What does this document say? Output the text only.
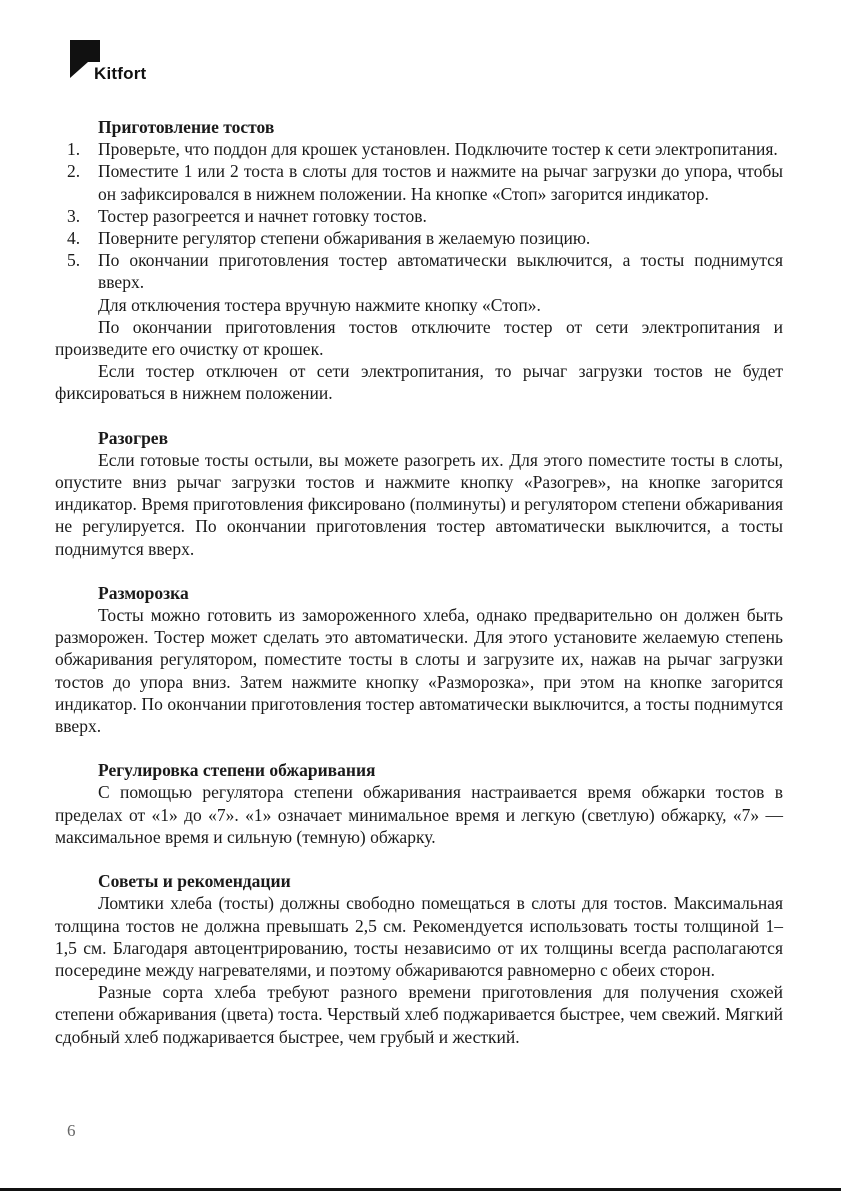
Kitfort

Приготовление тостов

1. Проверьте, что поддон для крошек установлен. Подключите тостер к сети электропитания.
2. Поместите 1 или 2 тоста в слоты для тостов и нажмите на рычаг загрузки до упора, чтобы он зафиксировался в нижнем положении. На кнопке «Стоп» загорится индикатор.
3. Тостер разогреется и начнет готовку тостов.
4. Поверните регулятор степени обжаривания в желаемую позицию.
5. По окончании приготовления тостер автоматически выключится, а тосты поднимутся вверх.

Для отключения тостера вручную нажмите кнопку «Стоп».

По окончании приготовления тостов отключите тостер от сети электропитания и произведите его очистку от крошек.

Если тостер отключен от сети электропитания, то рычаг загрузки тостов не будет фиксироваться в нижнем положении.

Разогрев

Если готовые тосты остыли, вы можете разогреть их. Для этого поместите тосты в слоты, опустите вниз рычаг загрузки тостов и нажмите кнопку «Разогрев», на кнопке загорится индикатор. Время приготовления фиксировано (полминуты) и регулятором степени обжаривания не регулируется. По окончании приготовления тостер автоматически выключится, а тосты поднимутся вверх.

Разморозка

Тосты можно готовить из замороженного хлеба, однако предварительно он должен быть разморожен. Тостер может сделать это автоматически. Для этого установите желаемую степень обжаривания регулятором, поместите тосты в слоты и загрузите их, нажав на рычаг загрузки тостов до упора вниз. Затем нажмите кнопку «Разморозка», при этом на кнопке загорится индикатор. По окончании приготовления тостер автоматически выключится, а тосты поднимутся вверх.

Регулировка степени обжаривания

С помощью регулятора степени обжаривания настраивается время обжарки тостов в пределах от «1» до «7». «1» означает минимальное время и легкую (светлую) обжарку, «7» — максимальное время и сильную (темную) обжарку.

Советы и рекомендации

Ломтики хлеба (тосты) должны свободно помещаться в слоты для тостов. Максимальная толщина тостов не должна превышать 2,5 см. Рекомендуется использовать тосты толщиной 1–1,5 см. Благодаря автоцентрированию, тосты независимо от их толщины всегда располагаются посередине между нагревателями, и поэтому обжариваются равномерно с обеих сторон.

Разные сорта хлеба требуют разного времени приготовления для получения схожей степени обжаривания (цвета) тоста. Черствый хлеб поджаривается быстрее, чем свежий. Мягкий сдобный хлеб поджаривается быстрее, чем грубый и жесткий.

6
